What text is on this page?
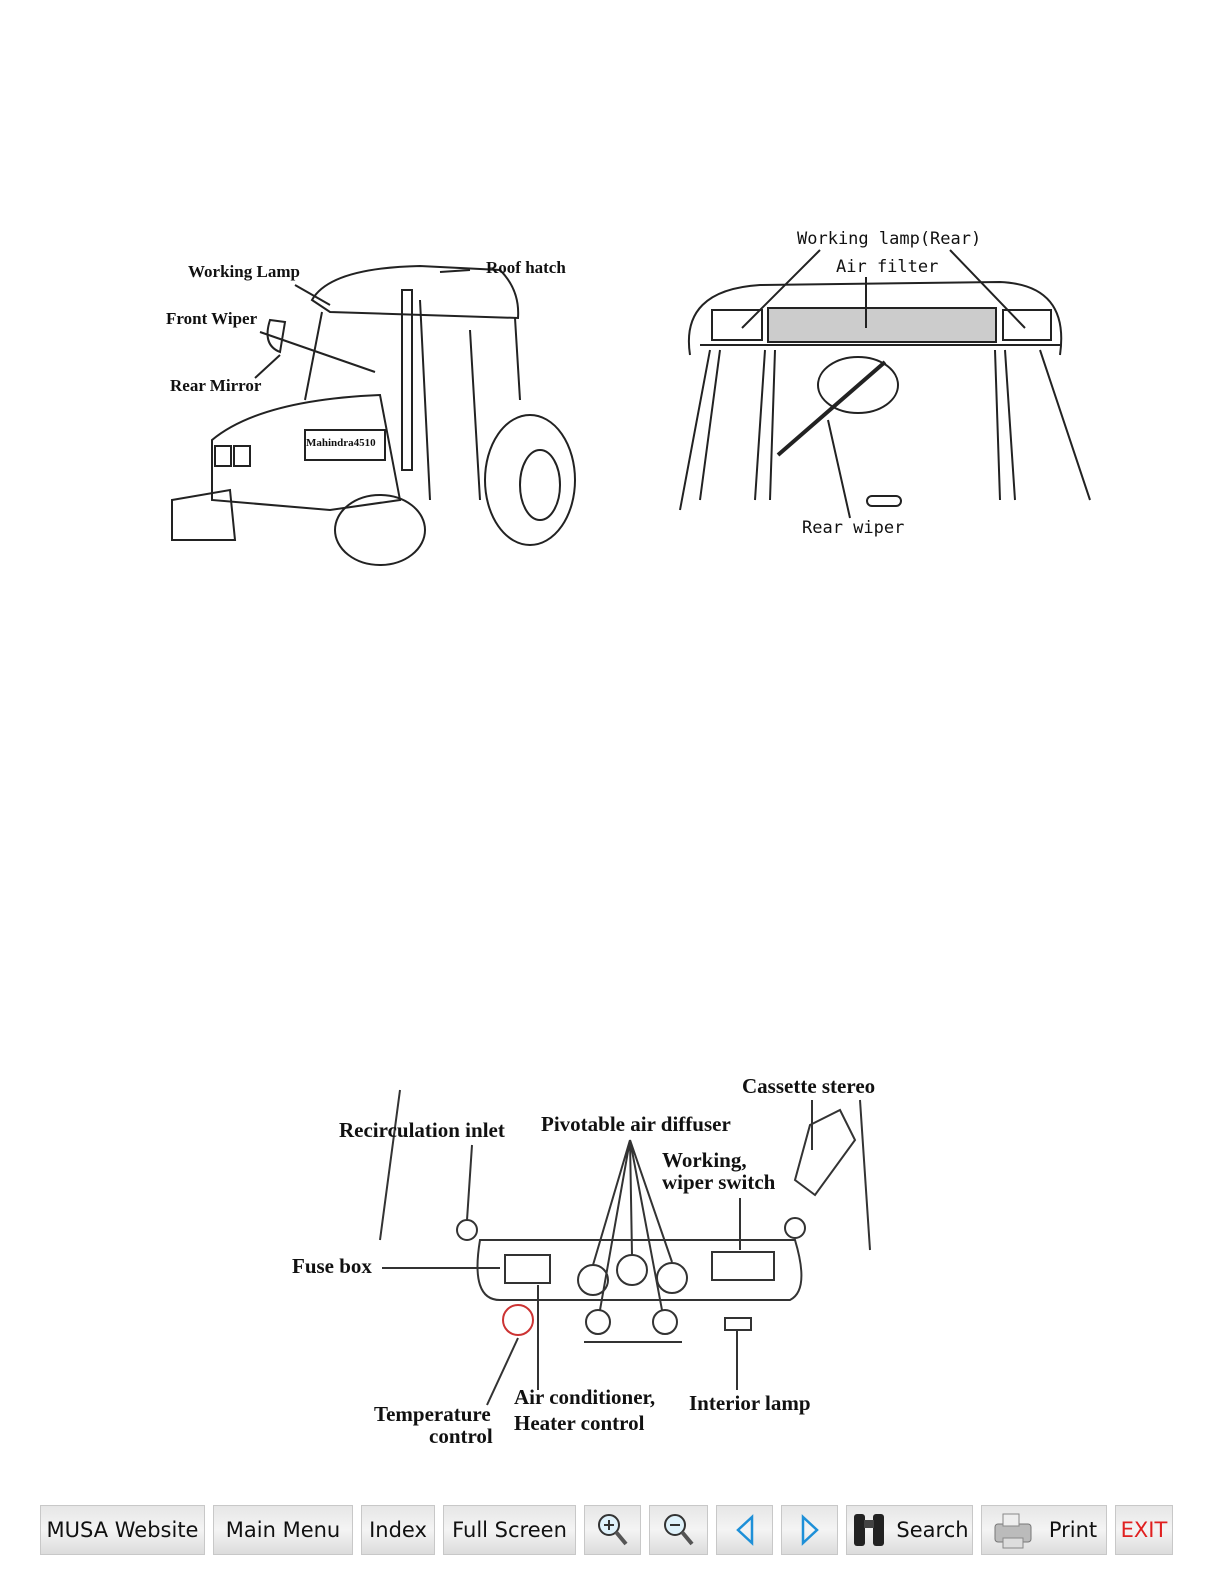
Working Lamp	Roof hatch
Front Wiper
Rear Mirror
Mahindra4510
Working lamp(Rear)
Air filter
Rear wiper
Cassette stereo
Recirculation inlet Pivotable air diffuser
Working,
wiper switch
Fuse box
Temperature
control
Air conditioner,
Heater control
Interior lamp
MUSA Website Main Menu Index Full Screen	Search	Print EXIT
